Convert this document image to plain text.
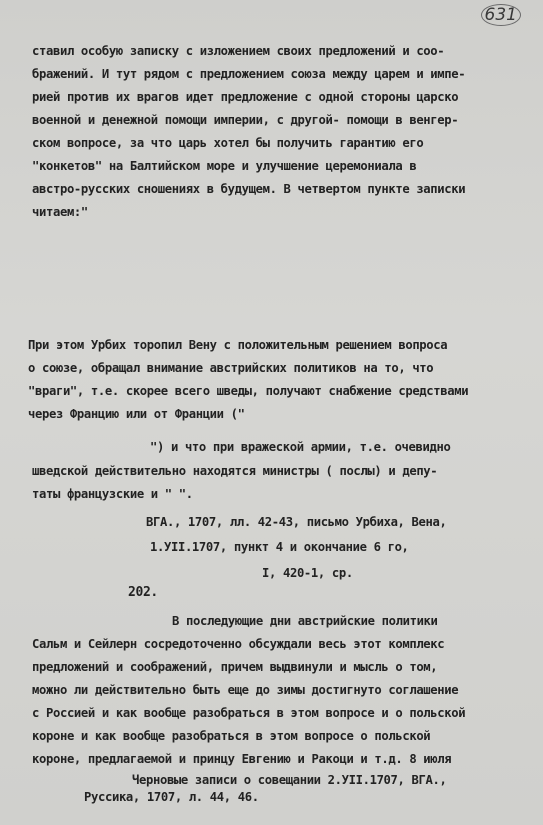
631
ставил особую записку с изложением своих предложений и соо-
бражений. И тут рядом с предложением союза между царем и импе-
рией против их врагов идет предложение с одной стороны царско
военной и денежной помощи империи, с другой- помощи в венгер-
ском вопросе, за что царь хотел бы получить гарантию его
"конкетов" на Балтийском море и улучшение церемониала в
австро-русских сношениях в будущем. В четвертом пункте записки
читаем:"
При этом Урбих торопил Вену с положительным решением вопроса
о союзе, обращал внимание австрийских политиков на то, что
"враги", т.е. скорее всего шведы, получают снабжение средствами
через Францию или от Франции ("
") и что при вражеской армии, т.е. очевидно
шведской действительно находятся министры ( послы) и депу-
таты французские и " ".
ВГА., 1707, лл. 42-43, письмо Урбиха, Вена,
1.УII.1707, пункт 4 и окончание 6 го,
I, 420-1, ср.
202.
В последующие дни австрийские политики
Сальм и Сейлерн сосредоточенно обсуждали весь этот комплекс
предложений и соображений, причем выдвинули и мысль о том,
можно ли действительно быть еще до зимы достигнуто соглашение
с Россией и как вообще разобраться в этом вопросе и о польской
короне и как вообще разобраться в этом вопросе о польской
короне, предлагаемой и принцу Евгению и Ракоци и т.д. 8 июля
Черновые записи о совещании 2.УII.1707, ВГА.,
Руссика, 1707, л. 44, 46.
